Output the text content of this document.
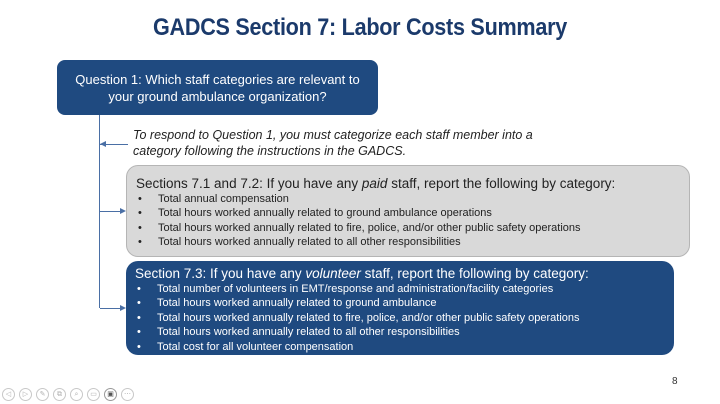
GADCS Section 7: Labor Costs Summary
Question 1: Which staff categories are relevant to your ground ambulance organization?
To respond to Question 1, you must categorize each staff member into a
category following the instructions in the GADCS.
Sections 7.1 and 7.2: If you have any paid staff, report the following by category:
• Total annual compensation
• Total hours worked annually related to ground ambulance operations
• Total hours worked annually related to fire, police, and/or other public safety operations
• Total hours worked annually related to all other responsibilities
Section 7.3: If you have any volunteer staff, report the following by category:
• Total number of volunteers in EMT/response and administration/facility categories
• Total hours worked annually related to ground ambulance
• Total hours worked annually related to fire, police, and/or other public safety operations
• Total hours worked annually related to all other responsibilities
• Total cost for all volunteer compensation
8
◁	▷	✎	⧉	⌕	▭	▣	⋯
